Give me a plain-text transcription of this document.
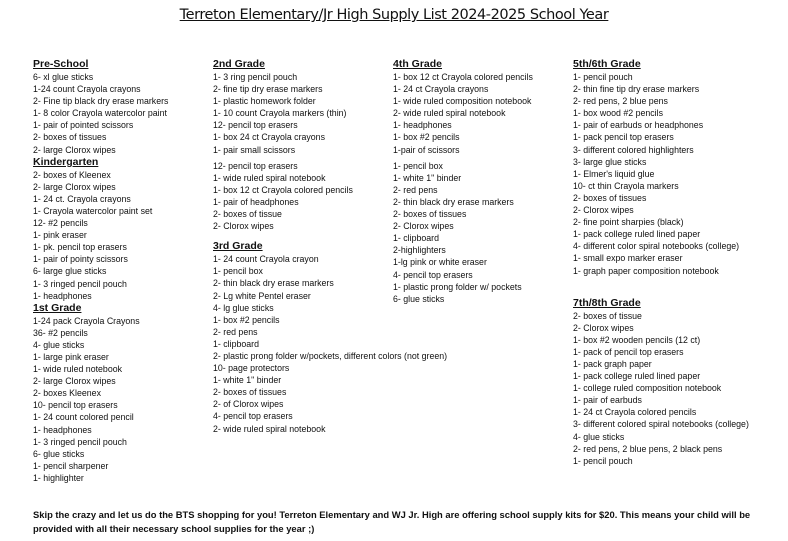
Terreton Elementary/Jr High Supply List 2024-2025 School Year
Pre-School
6- xl glue sticks
1-24 count Crayola crayons
2- Fine tip black dry erase markers
1- 8 color Crayola watercolor paint
1- pair of pointed scissors
2- boxes of tissues
2- large Clorox wipes
Kindergarten
2- boxes of Kleenex
2- large Clorox wipes
1- 24 ct. Crayola crayons
1- Crayola watercolor paint set
12- #2 pencils
1- pink eraser
1- pk. pencil top erasers
1- pair of pointy scissors
6- large glue sticks
1- 3 ringed pencil pouch
1- headphones
1st Grade
1-24 pack Crayola Crayons
36- #2 pencils
4- glue sticks
1- large pink eraser
1- wide ruled notebook
2- large Clorox wipes
2- boxes Kleenex
10- pencil top erasers
1- 24 count colored pencil
1- headphones
1- 3 ringed pencil pouch
6- glue sticks
1- pencil sharpener
1- highlighter
2nd Grade
1- 3 ring pencil pouch
2- fine tip dry erase markers
1- plastic homework folder
1- 10 count Crayola markers (thin)
12- pencil top erasers
1- box 24 ct Crayola crayons
1- pair small scissors
12- pencil top erasers
1- wide ruled spiral notebook
1- box 12 ct Crayola colored pencils
1- pair of headphones
2- boxes of tissue
2- Clorox wipes
3rd Grade
1- 24 count Crayola crayon
1- pencil box
2- thin black dry erase markers
2- Lg white Pentel eraser
4- lg glue sticks
1- box #2 pencils
2- red pens
1- clipboard
2- plastic prong folder w/pockets, different colors (not green)
10- page protectors
1- white 1" binder
2- boxes of tissues
2- of Clorox wipes
4- pencil top erasers
2- wide ruled spiral notebook
4th Grade
1- box 12 ct Crayola colored pencils
1- 24 ct Crayola crayons
1- wide ruled composition notebook
2- wide ruled spiral notebook
1- headphones
1- box #2 pencils
1-pair of scissors
1- pencil box
1- white 1" binder
2- red pens
2- thin black dry erase markers
2- boxes of tissues
2- Clorox wipes
1- clipboard
2-highlighters
1-lg pink or white eraser
4- pencil top erasers
1- plastic prong folder w/ pockets
6- glue sticks
5th/6th Grade
1- pencil pouch
2- thin fine tip dry erase markers
2- red pens, 2 blue pens
1- box wood #2 pencils
1- pair of earbuds or headphones
1- pack pencil top erasers
3- different colored highlighters
3- large glue sticks
1- Elmer's liquid glue
10- ct thin Crayola markers
2- boxes of tissues
2- Clorox wipes
2- fine point sharpies (black)
1- pack college ruled lined paper
4- different color spiral notebooks (college)
1- small expo marker eraser
1- graph paper composition notebook
7th/8th Grade
2- boxes of tissue
2- Clorox wipes
1- box #2 wooden pencils (12 ct)
1- pack of pencil top erasers
1- pack graph paper
1- pack college ruled lined paper
1- college ruled composition notebook
1- pair of earbuds
1- 24 ct Crayola colored pencils
3- different colored spiral notebooks (college)
4- glue sticks
2- red pens, 2 blue pens, 2 black pens
1- pencil pouch
Skip the crazy and let us do the BTS shopping for you! Terreton Elementary and WJ Jr. High are offering school supply kits for $20. This means your child will be provided with all their necessary school supplies for the year ;)
